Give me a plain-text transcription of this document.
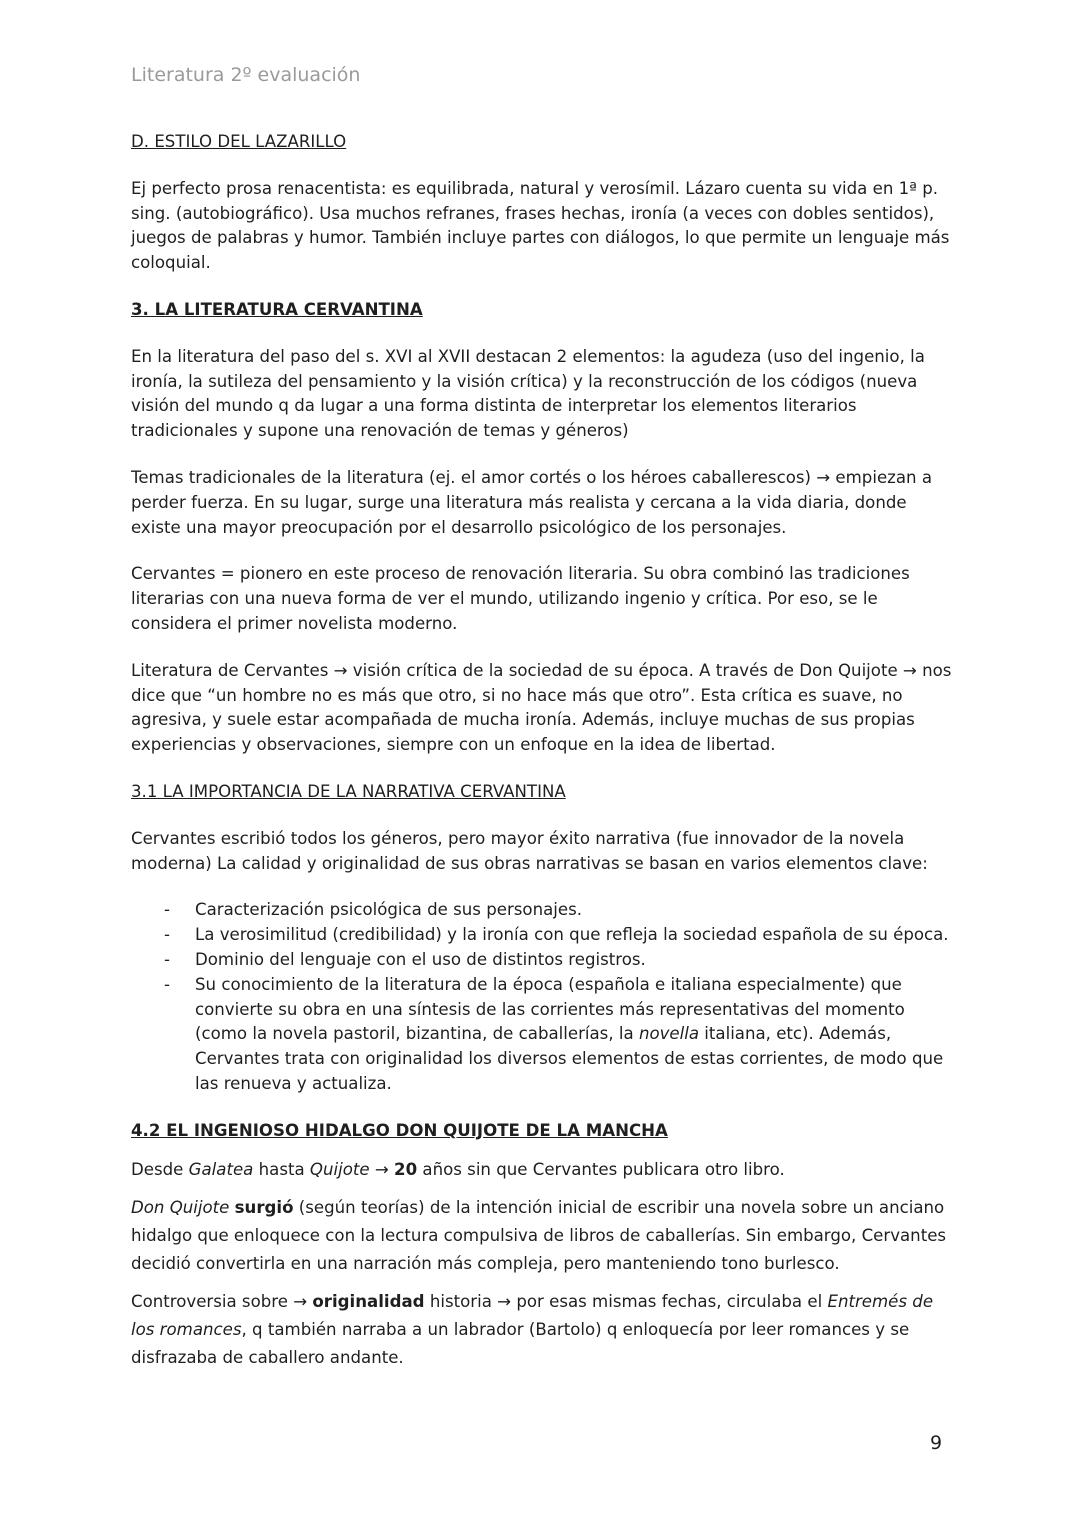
Literatura 2º evaluación

D. ESTILO DEL LAZARILLO

Ej perfecto prosa renacentista: es equilibrada, natural y verosímil. Lázaro cuenta su vida en 1ª p. sing. (autobiográfico). Usa muchos refranes, frases hechas, ironía (a veces con dobles sentidos), juegos de palabras y humor. También incluye partes con diálogos, lo que permite un lenguaje más coloquial.

3. LA LITERATURA CERVANTINA

En la literatura del paso del s. XVI al XVII destacan 2 elementos: la agudeza (uso del ingenio, la ironía, la sutileza del pensamiento y la visión crítica) y la reconstrucción de los códigos (nueva visión del mundo q da lugar a una forma distinta de interpretar los elementos literarios tradicionales y supone una renovación de temas y géneros)

Temas tradicionales de la literatura (ej. el amor cortés o los héroes caballerescos) → empiezan a perder fuerza. En su lugar, surge una literatura más realista y cercana a la vida diaria, donde existe una mayor preocupación por el desarrollo psicológico de los personajes.

Cervantes = pionero en este proceso de renovación literaria. Su obra combinó las tradiciones literarias con una nueva forma de ver el mundo, utilizando ingenio y crítica. Por eso, se le considera el primer novelista moderno.

Literatura de Cervantes → visión crítica de la sociedad de su época. A través de Don Quijote → nos dice que “un hombre no es más que otro, si no hace más que otro”. Esta crítica es suave, no agresiva, y suele estar acompañada de mucha ironía. Además, incluye muchas de sus propias experiencias y observaciones, siempre con un enfoque en la idea de libertad.

3.1 LA IMPORTANCIA DE LA NARRATIVA CERVANTINA

Cervantes escribió todos los géneros, pero mayor éxito narrativa (fue innovador de la novela moderna) La calidad y originalidad de sus obras narrativas se basan en varios elementos clave:

- Caracterización psicológica de sus personajes.
- La verosimilitud (credibilidad) y la ironía con que refleja la sociedad española de su época.
- Dominio del lenguaje con el uso de distintos registros.
- Su conocimiento de la literatura de la época (española e italiana especialmente) que convierte su obra en una síntesis de las corrientes más representativas del momento (como la novela pastoril, bizantina, de caballerías, la novella italiana, etc). Además, Cervantes trata con originalidad los diversos elementos de estas corrientes, de modo que las renueva y actualiza.

4.2 EL INGENIOSO HIDALGO DON QUIJOTE DE LA MANCHA

Desde Galatea hasta Quijote → 20 años sin que Cervantes publicara otro libro.

Don Quijote surgió (según teorías) de la intención inicial de escribir una novela sobre un anciano hidalgo que enloquece con la lectura compulsiva de libros de caballerías. Sin embargo, Cervantes decidió convertirla en una narración más compleja, pero manteniendo tono burlesco.

Controversia sobre → originalidad historia → por esas mismas fechas, circulaba el Entremés de los romances, q también narraba a un labrador (Bartolo) q enloquecía por leer romances y se disfrazaba de caballero andante.

9
